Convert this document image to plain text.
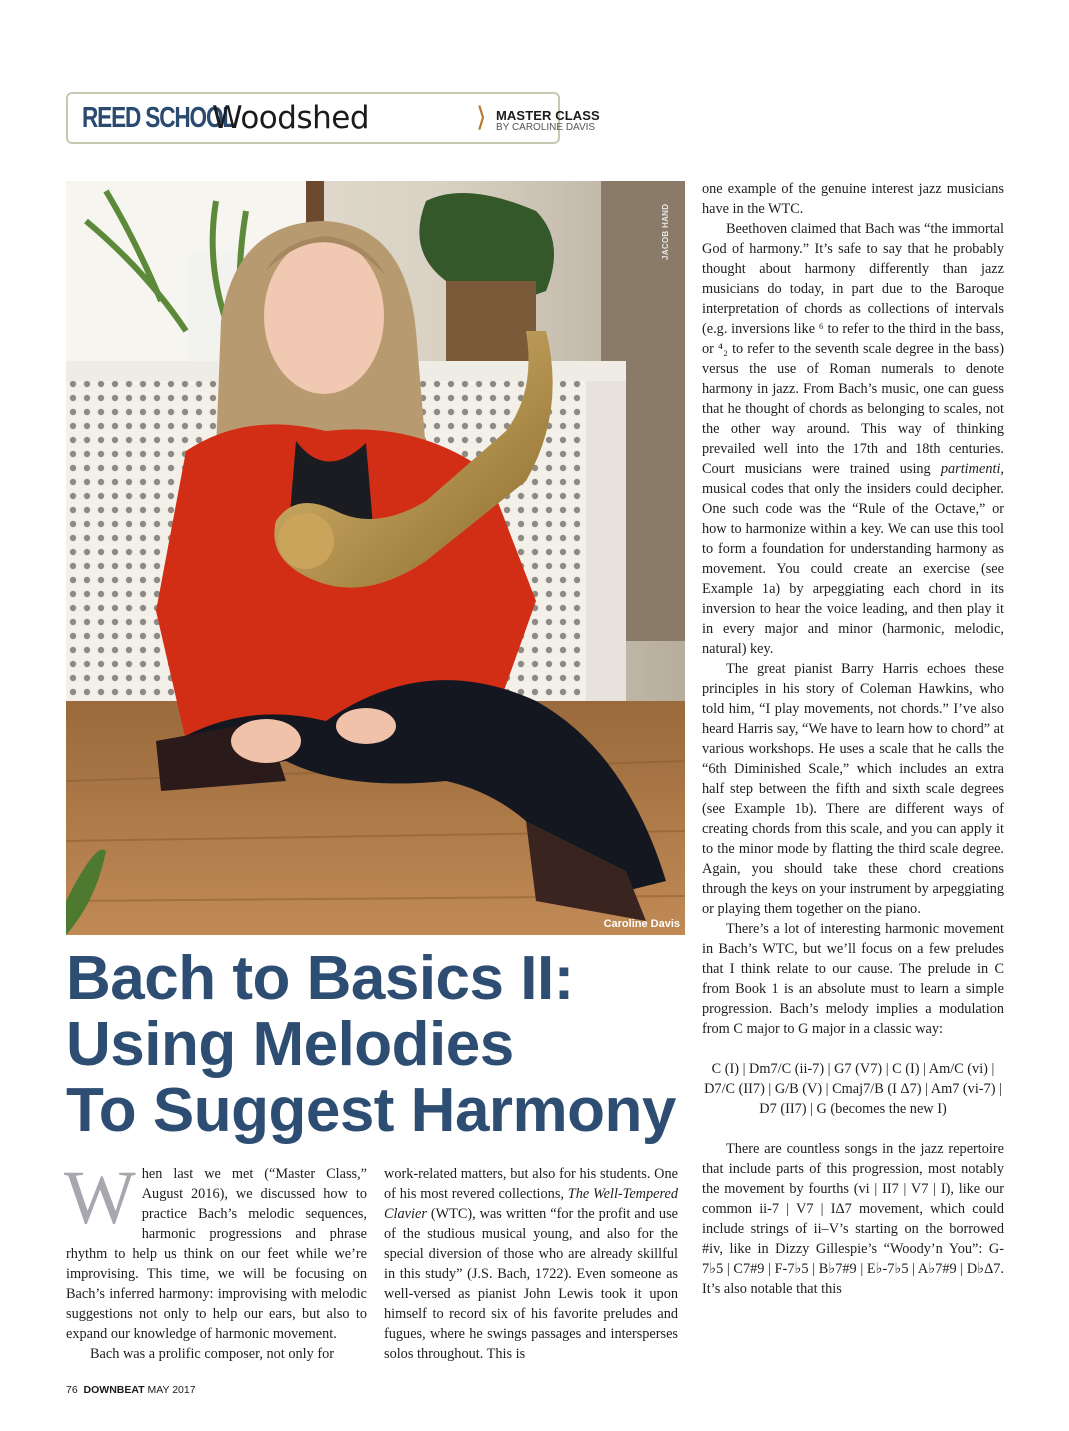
REED SCHOOL
Woodshed	⟩ MASTER CLASS
BY CAROLINE DAVIS
JACOB HAND
Caroline Davis
Bach to Basics II:
Using Melodies
To Suggest Harmony

When last we met (“Master Class,” August 2016), we discussed how to practice Bach’s melodic sequences, harmonic progressions and phrase rhythm to help us think on our feet while we’re improvising. This time, we will be focusing on Bach’s inferred harmony: improvising with melodic suggestions not only to help our ears, but also to expand our knowledge of harmonic movement.

Bach was a prolific composer, not only for

work-related matters, but also for his students. One of his most revered collections, The Well-Tempered Clavier (WTC), was written “for the profit and use of the studious musical young, and also for the special diversion of those who are already skillful in this study” (J.S. Bach, 1722). Even someone as well-versed as pianist John Lewis took it upon himself to record six of his favorite preludes and fugues, where he swings passages and intersperses solos throughout. This is

one example of the genuine interest jazz musicians have in the WTC.

Beethoven claimed that Bach was “the immortal God of harmony.” It’s safe to say that he probably thought about harmony differently than jazz musicians do today, in part due to the Baroque interpretation of chords as collections of intervals (e.g. inversions like ⁶ to refer to the third in the bass, or ⁴₂ to refer to the seventh scale degree in the bass) versus the use of Roman numerals to denote harmony in jazz. From Bach’s music, one can guess that he thought of chords as belonging to scales, not the other way around. This way of thinking prevailed well into the 17th and 18th centuries. Court musicians were trained using partimenti, musical codes that only the insiders could decipher. One such code was the “Rule of the Octave,” or how to harmonize within a key. We can use this tool to form a foundation for understanding harmony as movement. You could create an exercise (see Example 1a) by arpeggiating each chord in its inversion to hear the voice leading, and then play it in every major and minor (harmonic, melodic, natural) key.

The great pianist Barry Harris echoes these principles in his story of Coleman Hawkins, who told him, “I play movements, not chords.” I’ve also heard Harris say, “We have to learn how to chord” at various workshops. He uses a scale that he calls the “6th Diminished Scale,” which includes an extra half step between the fifth and sixth scale degrees (see Example 1b). There are different ways of creating chords from this scale, and you can apply it to the minor mode by flatting the third scale degree. Again, you should take these chord creations through the keys on your instrument by arpeggiating or playing them together on the piano.

There’s a lot of interesting harmonic movement in Bach’s WTC, but we’ll focus on a few preludes that I think relate to our cause. The prelude in C from Book 1 is an absolute must to learn a simple progression. Bach’s melody implies a modulation from C major to G major in a classic way:

C (I) | Dm7/C (ii-7) | G7 (V7) | C (I) | Am/C (vi) | D7/C (II7) | G/B (V) | Cmaj7/B (I Δ7) | Am7 (vi-7) | D7 (II7) | G (becomes the new I)

There are countless songs in the jazz repertoire that include parts of this progression, most notably the movement by fourths (vi | II7 | V7 | I), like our common ii-7 | V7 | IΔ7 movement, which could include strings of ii–V’s starting on the borrowed #iv, like in Dizzy Gillespie’s “Woody’n You”: G-7♭5 | C7#9 | F-7♭5 | B♭7#9 | E♭-7♭5 | A♭7#9 | D♭Δ7. It’s also notable that this

76 DOWNBEAT MAY 2017
